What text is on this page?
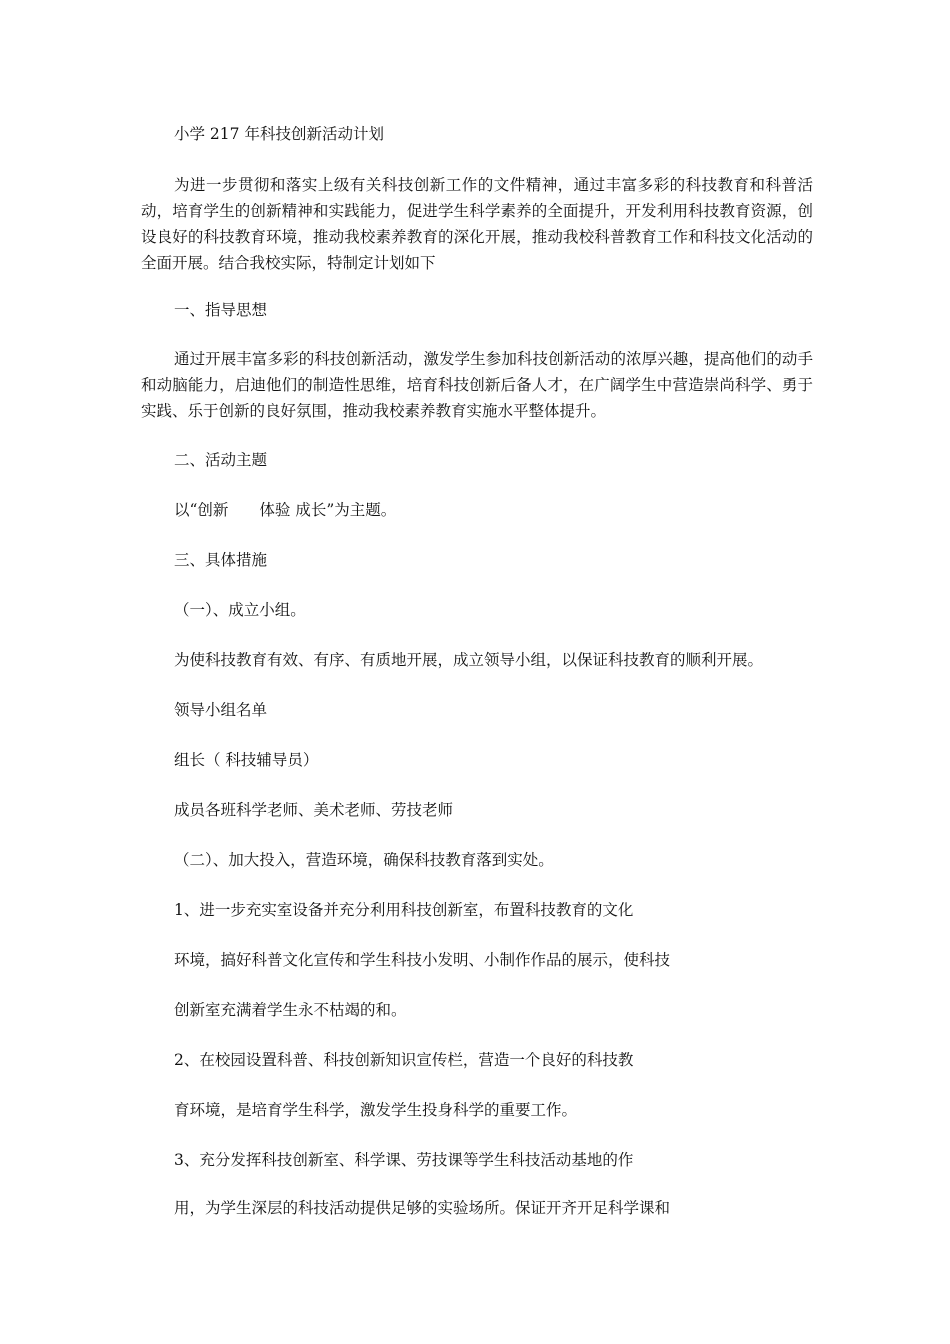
小学 217 年科技创新活动计划
为进一步贯彻和落实上级有关科技创新工作的文件精神，通过丰富多彩的科技教育和科普活动，培育学生的创新精神和实践能力，促进学生科学素养的全面提升，开发利用科技教育资源，创设良好的科技教育环境，推动我校素养教育的深化开展，推动我校科普教育工作和科技文化活动的全面开展。结合我校实际，特制定计划如下
一、指导思想
通过开展丰富多彩的科技创新活动，激发学生参加科技创新活动的浓厚兴趣，提高他们的动手和动脑能力，启迪他们的制造性思维，培育科技创新后备人才，在广阔学生中营造崇尚科学、勇于实践、乐于创新的良好氛围，推动我校素养教育实施水平整体提升。
二、活动主题
以“创新　　体验 成长”为主题。
三、具体措施
（一）、成立小组。
为使科技教育有效、有序、有质地开展，成立领导小组，以保证科技教育的顺利开展。
领导小组名单
组长（ 科技辅导员）
成员各班科学老师、美术老师、劳技老师
（二）、加大投入，营造环境，确保科技教育落到实处。
1、进一步充实室设备并充分利用科技创新室，布置科技教育的文化
环境，搞好科普文化宣传和学生科技小发明、小制作作品的展示，使科技
创新室充满着学生永不枯竭的和。
2、在校园设置科普、科技创新知识宣传栏，营造一个良好的科技教
育环境，是培育学生科学，激发学生投身科学的重要工作。
3、充分发挥科技创新室、科学课、劳技课等学生科技活动基地的作
用，为学生深层的科技活动提供足够的实验场所。保证开齐开足科学课和
